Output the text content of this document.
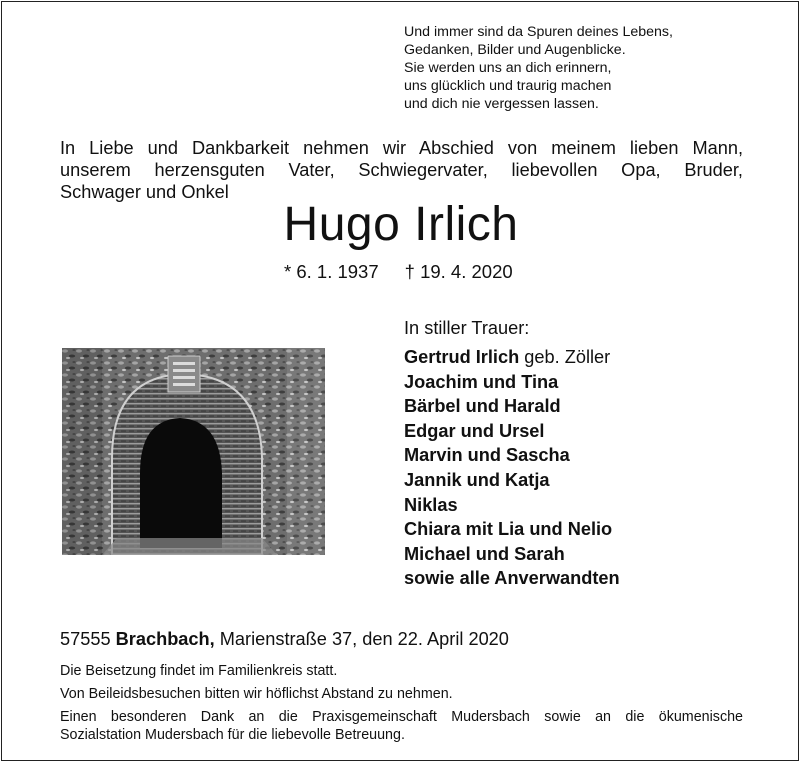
Und immer sind da Spuren deines Lebens,
Gedanken, Bilder und Augenblicke.
Sie werden uns an dich erinnern,
uns glücklich und traurig machen
und dich nie vergessen lassen.
In Liebe und Dankbarkeit nehmen wir Abschied von meinem lieben Mann,
unserem herzensguten Vater, Schwiegervater, liebevollen Opa, Bruder,
Schwager und Onkel
Hugo Irlich
* 6. 1. 1937 † 19. 4. 2020
In stiller Trauer:
Gertrud Irlich geb. Zöller
Joachim und Tina
Bärbel und Harald
Edgar und Ursel
Marvin und Sascha
Jannik und Katja
Niklas
Chiara mit Lia und Nelio
Michael und Sarah
sowie alle Anverwandten
57555 Brachbach, Marienstraße 37, den 22. April 2020
Die Beisetzung findet im Familienkreis statt.
Von Beileidsbesuchen bitten wir höflichst Abstand zu nehmen.
Einen besonderen Dank an die Praxisgemeinschaft Mudersbach sowie an die ökumenische
Sozialstation Mudersbach für die liebevolle Betreuung.
